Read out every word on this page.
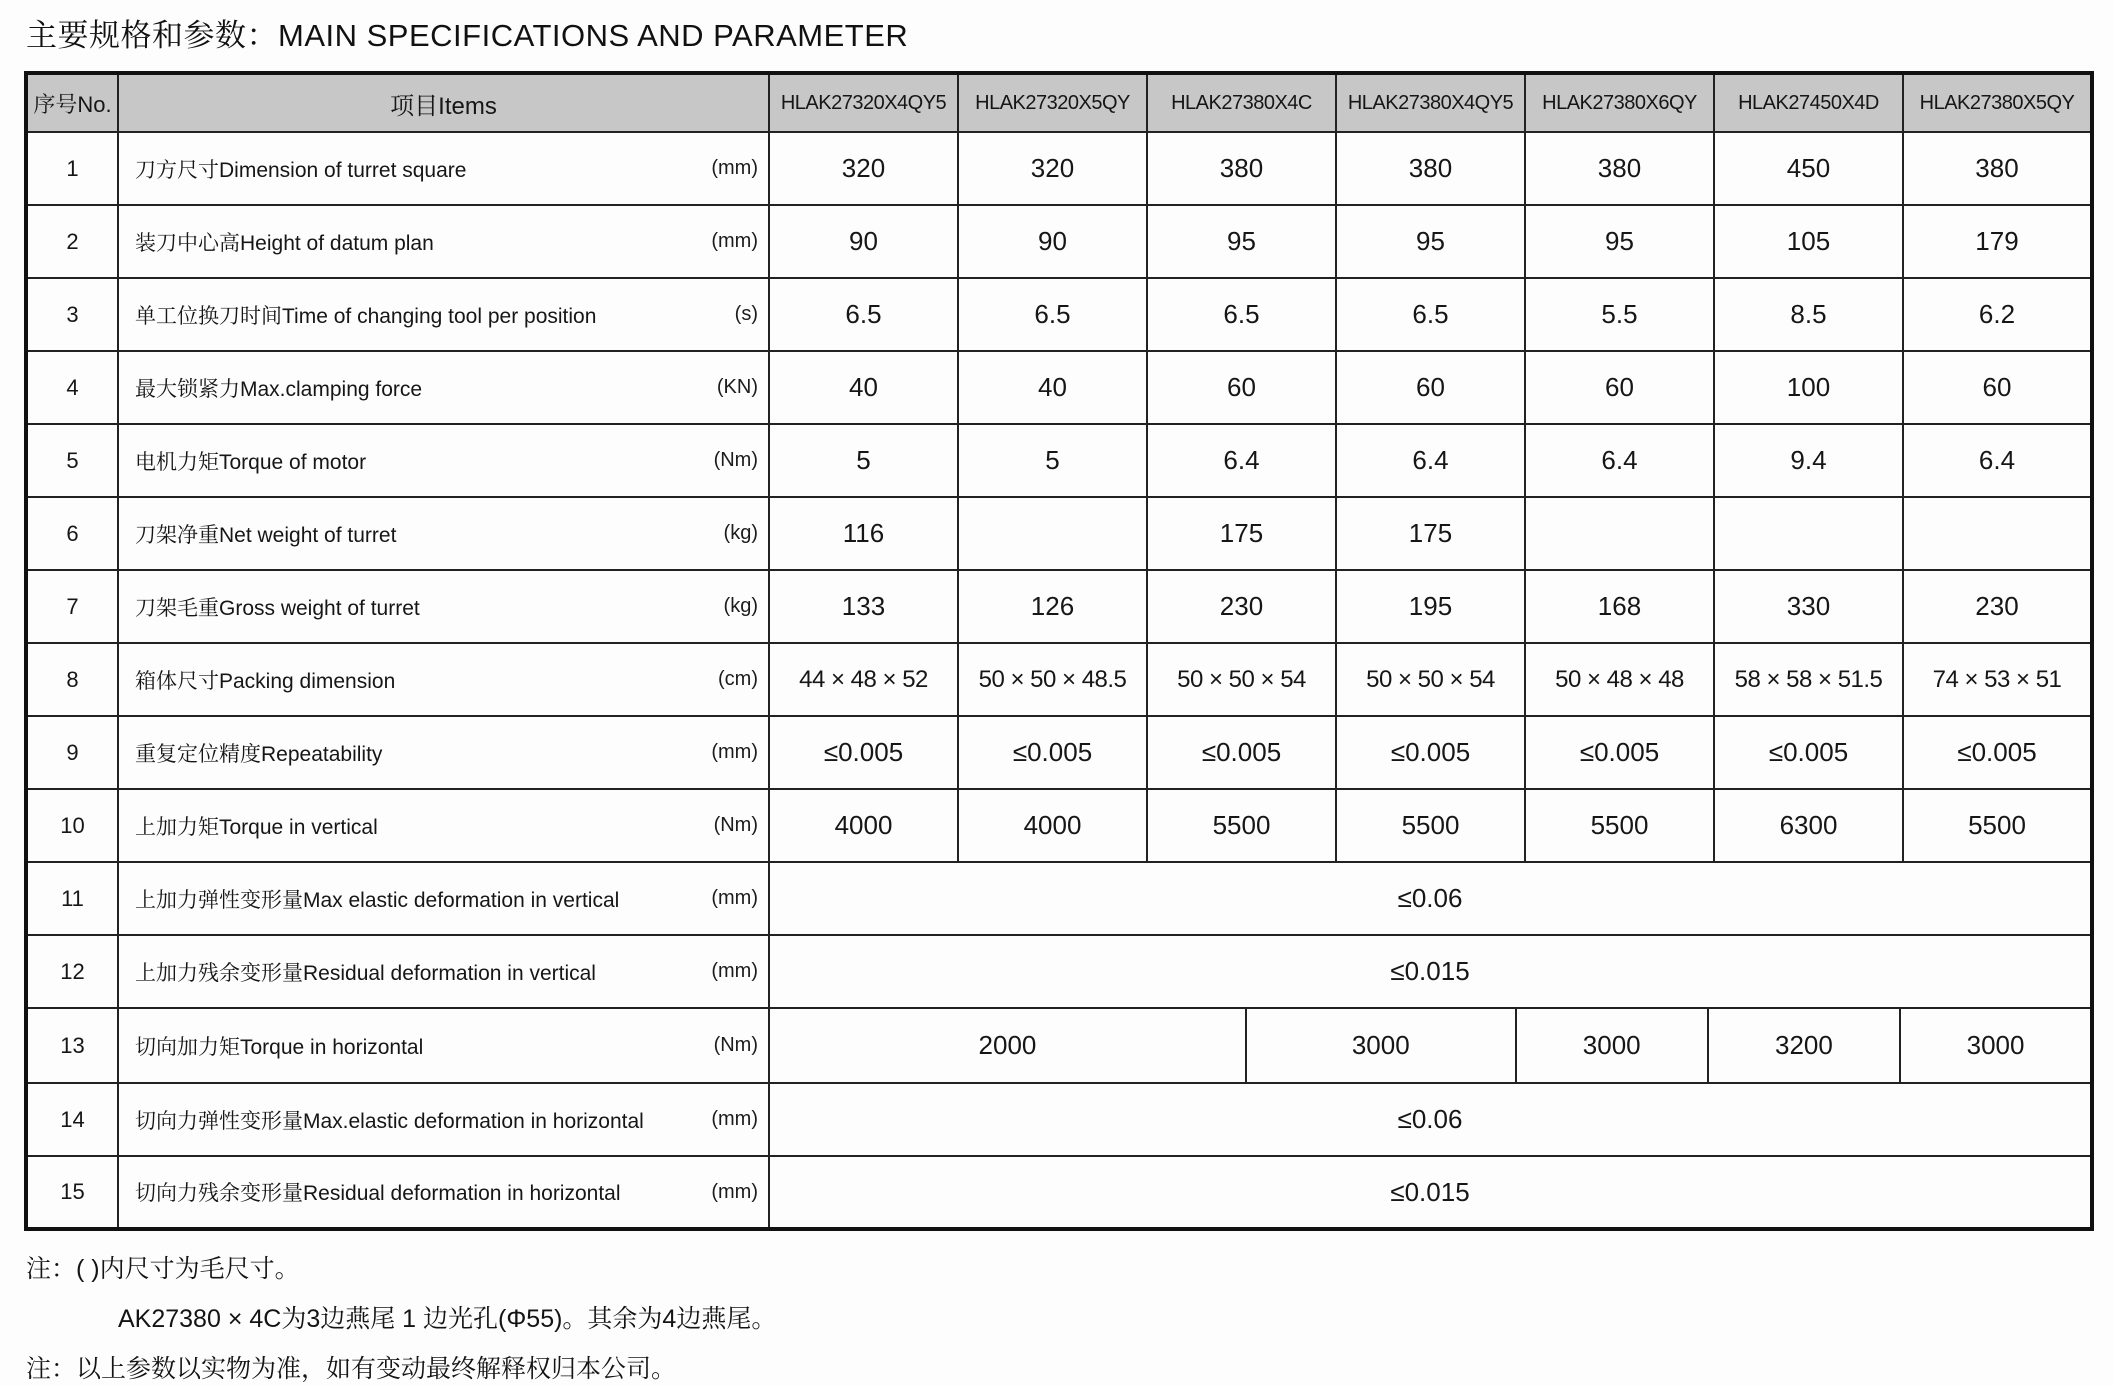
主要规格和参数：MAIN SPECIFICATIONS AND PARAMETER
序号No.	项目Items	HLAK27320X4QY5	HLAK27320X5QY	HLAK27380X4C	HLAK27380X4QY5	HLAK27380X6QY	HLAK27450X4D	HLAK27380X5QY
1	刀方尺寸Dimension of turret square (mm)	320	320	380	380	380	450	380
2	装刀中心高Height of datum plan (mm)	90	90	95	95	95	105	179
3	单工位换刀时间Time of changing tool per position (s)	6.5	6.5	6.5	6.5	5.5	8.5	6.2
4	最大锁紧力Max.clamping force (KN)	40	40	60	60	60	100	60
5	电机力矩Torque of motor (Nm)	5	5	6.4	6.4	6.4	9.4	6.4
6	刀架净重Net weight of turret (kg)	116		175	175			
7	刀架毛重Gross weight of turret (kg)	133	126	230	195	168	330	230
8	箱体尺寸Packing dimension (cm)	44 × 48 × 52	50 × 50 × 48.5	50 × 50 × 54	50 × 50 × 54	50 × 48 × 48	58 × 58 × 51.5	74 × 53 × 51
9	重复定位精度Repeatability (mm)	≤0.005	≤0.005	≤0.005	≤0.005	≤0.005	≤0.005	≤0.005
10	上加力矩Torque in vertical (Nm)	4000	4000	5500	5500	5500	6300	5500
11	上加力弹性变形量Max elastic deformation in vertical (mm)	≤0.06						
12	上加力残余变形量Residual deformation in vertical (mm)	≤0.015						
13	切向加力矩Torque in horizontal	(Nm)	2000	3000	3000	3200	3000

14	切向力弹性变形量Max.elastic deformation in horizontal (mm)	≤0.06						
15	切向力残余变形量Residual deformation in horizontal (mm)	≤0.015						
注：( )内尺寸为毛尺寸。
AK27380 × 4C为3边燕尾 1 边光孔(Φ55)。其余为4边燕尾。
注：以上参数以实物为准，如有变动最终解释权归本公司。
